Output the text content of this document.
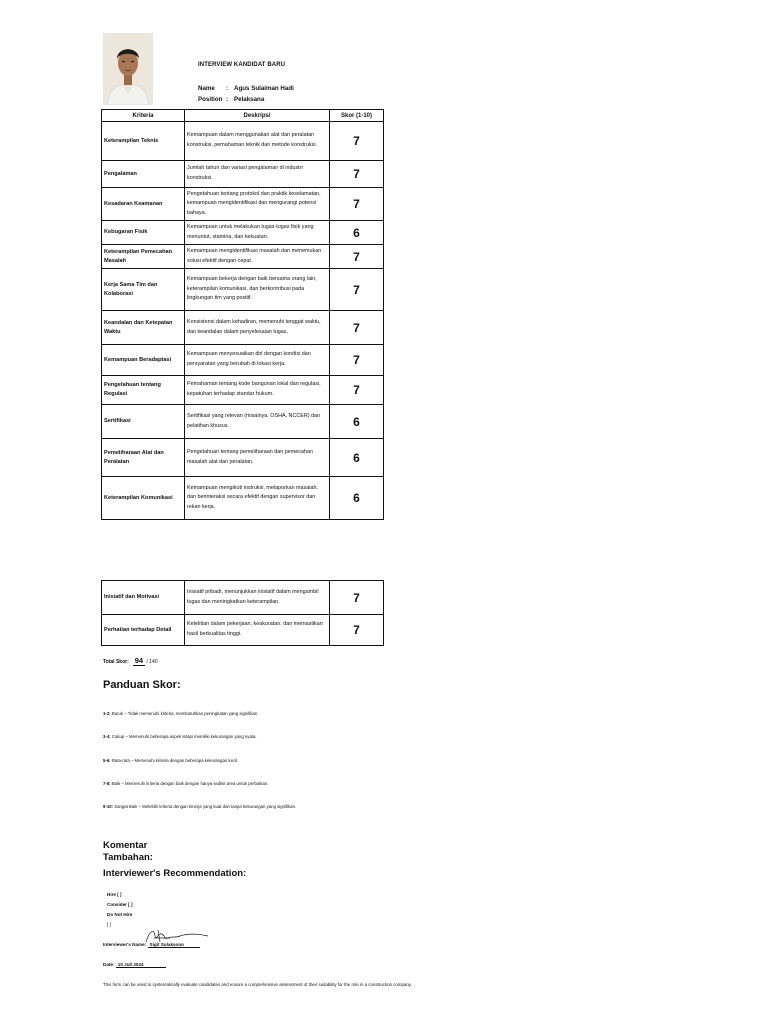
INTERVIEW KANDIDAT BARU
Name : Agus Sulaiman Hadi
Position : Pelaksana
Kriteria	Deskripsi	Skor (1-10)
Keterampilan Teknis	Kemampuan dalam menggunakan alat dan peralatan konstruksi, pemahaman teknik dan metode konstruksi.	7
Pengalaman	Jumlah tahun dan variasi pengalaman di industri konstruksi.	7
Kesadaran Keamanan	Pengetahuan tentang protokol dan praktik keselamatan, kemampuan mengidentifikasi dan mengurangi potensi bahaya.	7
Kebugaran Fisik	Kemampuan untuk melakukan tugas-tugas fisik yang menuntut, stamina, dan kekuatan.	6
Keterampilan Pemecahan Masalah	Kemampuan mengidentifikasi masalah dan menemukan solusi efektif dengan cepat.	7
Kerja Sama Tim dan Kolaborasi	Kemampuan bekerja dengan baik bersama orang lain, keterampilan komunikasi, dan berkontribusi pada lingkungan tim yang positif.	7
Keandalan dan Ketepatan Waktu	Konsistensi dalam kehadiran, memenuhi tenggat waktu, dan keandalan dalam penyelesaian tugas.	7
Kemampuan Beradaptasi	Kemampuan menyesuaikan diri dengan kondisi dan persyaratan yang berubah di lokasi kerja.	7
Pengetahuan tentang Regulasi	Pemahaman tentang kode bangunan lokal dan regulasi, kepatuhan terhadap standar hukum.	7
Sertifikasi	Sertifikasi yang relevan (misalnya, OSHA, NCCER) dan pelatihan khusus.	6
Pemeliharaan Alat dan Peralatan	Pengetahuan tentang pemeliharaan dan pemecahan masalah alat dan peralatan.	6
Keterampilan Komunikasi	Kemampuan mengikuti instruksi, melaporkan masalah, dan berinteraksi secara efektif dengan supervisor dan rekan kerja.	6
Inisiatif dan Motivasi	Inisiatif pribadi, menunjukkan inisiatif dalam mengambil tugas dan meningkatkan keterampilan.	7
Perhatian terhadap Detail	Ketelitian dalam pekerjaan, keakuratan, dan memastikan hasil berkualitas tinggi.	7
Total Skor: 94 / 140
Panduan Skor:
1-2: Buruk – Tidak memenuhi kriteria, membutuhkan peningkatan yang signifikan.
3-4: Cukup – Memenuhi beberapa aspek tetapi memiliki kekurangan yang nyata.
5-6: Rata-rata – Memenuhi kriteria dengan beberapa kekurangan kecil.
7-8: Baik – Memenuhi kriteria dengan baik dengan hanya sedikit area untuk perbaikan.
9-10: Sangat Baik – Melebihi kriteria dengan kinerja yang kuat dan tanpa kekurangan yang signifikan.
Komentar
Tambahan:
Interviewer's Recommendation:
Hire [ ]
Consider [ ]
Do Not Hire
[ ]
Interviewer's Name: Sigit Sulaksono
Date: 10 Juli 2024
This form can be used to systematically evaluate candidates and ensure a comprehensive assessment of their suitability for the role in a construction company.
